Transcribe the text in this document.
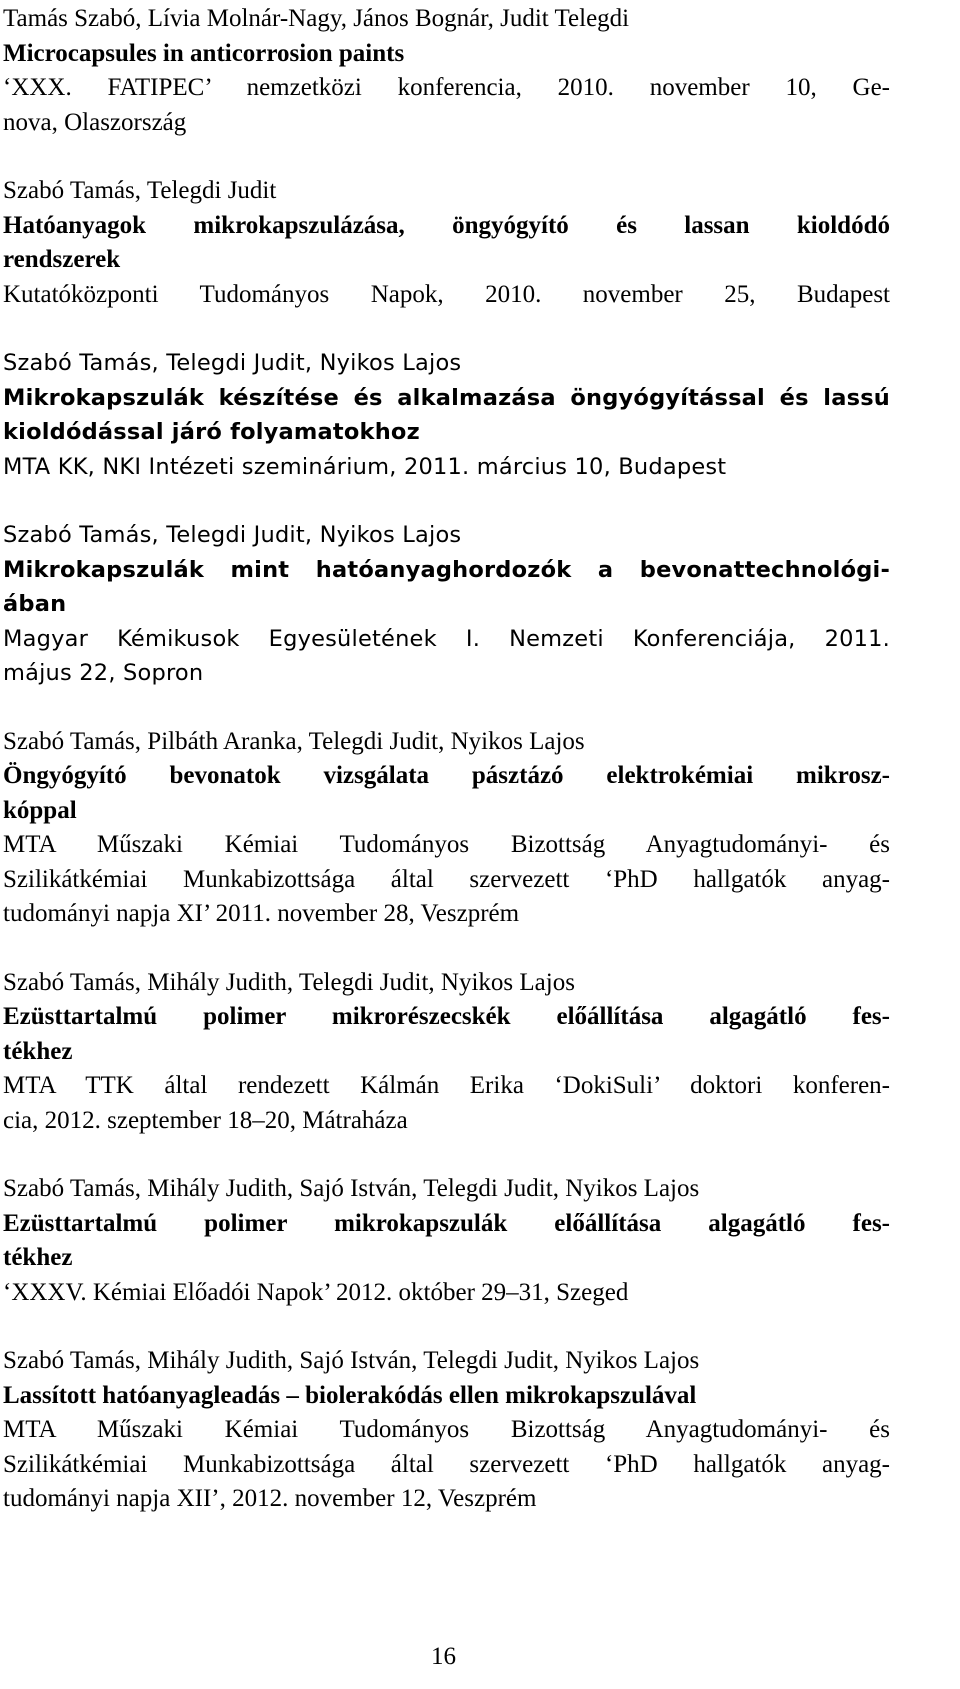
Tamás Szabó, Lívia Molnár-Nagy, János Bognár, Judit Telegdi
Microcapsules in anticorrosion paints
‘XXX. FATIPEC’ nemzetközi konferencia, 2010. november 10, Ge-
nova, Olaszország
Szabó Tamás, Telegdi Judit
Hatóanyagok mikrokapszulázása, öngyógyító és lassan kioldódó
rendszerek
Kutatóközponti Tudományos Napok, 2010. november 25, Budapest
Szabó Tamás, Telegdi Judit, Nyikos Lajos
Mikrokapszulák készítése és alkalmazása öngyógyítással és lassú
kioldódással járó folyamatokhoz
MTA KK, NKI Intézeti szeminárium, 2011. március 10, Budapest
Szabó Tamás, Telegdi Judit, Nyikos Lajos
Mikrokapszulák mint hatóanyaghordozók a bevonattechnológi-
ában
Magyar Kémikusok Egyesületének I. Nemzeti Konferenciája, 2011.
május 22, Sopron
Szabó Tamás, Pilbáth Aranka, Telegdi Judit, Nyikos Lajos
Öngyógyító bevonatok vizsgálata pásztázó elektrokémiai mikrosz-
kóppal
MTA Műszaki Kémiai Tudományos Bizottság Anyagtudományi- és
Szilikátkémiai Munkabizottsága által szervezett ‘PhD hallgatók anyag-
tudományi napja XI’ 2011. november 28, Veszprém
Szabó Tamás, Mihály Judith, Telegdi Judit, Nyikos Lajos
Ezüsttartalmú polimer mikrorészecskék előállítása algagátló fes-
tékhez
MTA TTK által rendezett Kálmán Erika ‘DokiSuli’ doktori konferen-
cia, 2012. szeptember 18–20, Mátraháza
Szabó Tamás, Mihály Judith, Sajó István, Telegdi Judit, Nyikos Lajos
Ezüsttartalmú polimer mikrokapszulák előállítása algagátló fes-
tékhez
‘XXXV. Kémiai Előadói Napok’ 2012. október 29–31, Szeged
Szabó Tamás, Mihály Judith, Sajó István, Telegdi Judit, Nyikos Lajos
Lassított hatóanyagleadás – biolerakódás ellen mikrokapszulával
MTA Műszaki Kémiai Tudományos Bizottság Anyagtudományi- és
Szilikátkémiai Munkabizottsága által szervezett ‘PhD hallgatók anyag-
tudományi napja XII’, 2012. november 12, Veszprém
16
